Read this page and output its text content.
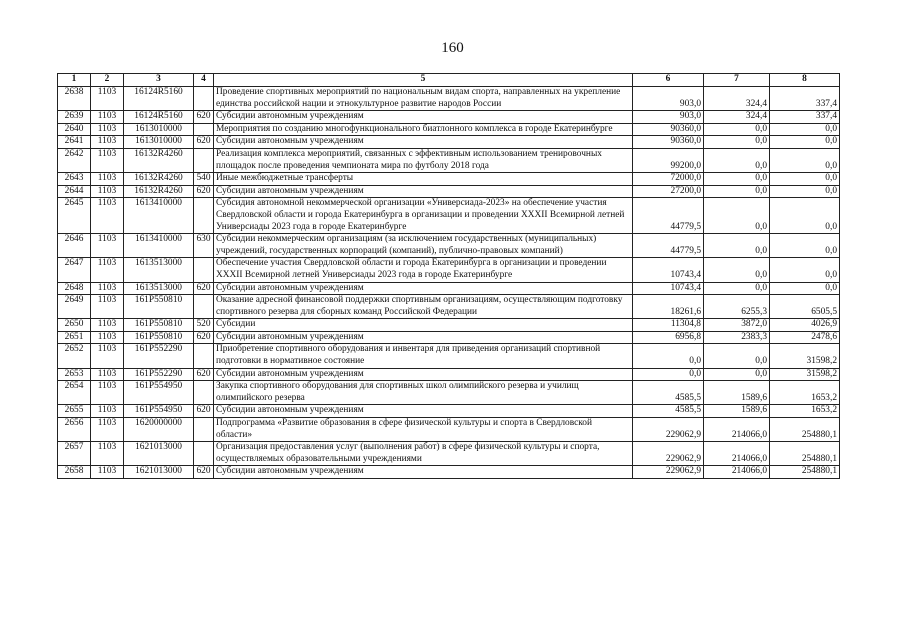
160
1	2	3	4	5	6	7	8
2638	1103	16124R5160		Проведение спортивных мероприятий по национальным видам спорта, направленных на укрепление единства российской нации и этнокультурное развитие народов России	903,0	324,4	337,4
2639	1103	16124R5160	620	Субсидии автономным учреждениям	903,0	324,4	337,4
2640	1103	1613010000		Мероприятия по созданию многофункционального биатлонного комплекса в городе Екатеринбурге	90360,0	0,0	0,0
2641	1103	1613010000	620	Субсидии автономным учреждениям	90360,0	0,0	0,0
2642	1103	16132R4260		Реализация комплекса мероприятий, связанных с эффективным использованием тренировочных площадок после проведения чемпионата мира по футболу 2018 года	99200,0	0,0	0,0
2643	1103	16132R4260	540	Иные межбюджетные трансферты	72000,0	0,0	0,0
2644	1103	16132R4260	620	Субсидии автономным учреждениям	27200,0	0,0	0,0
2645	1103	1613410000		Субсидия автономной некоммерческой организации «Универсиада-2023» на обеспечение участия Свердловской области и города Екатеринбурга в организации и проведении XXXII Всемирной летней Универсиады 2023 года в городе Екатеринбурге	44779,5	0,0	0,0
2646	1103	1613410000	630	Субсидии некоммерческим организациям (за исключением государственных (муниципальных) учреждений, государственных корпораций (компаний), публично-правовых компаний)	44779,5	0,0	0,0
2647	1103	1613513000		Обеспечение участия Свердловской области и города Екатеринбурга в организации и проведении XXXII Всемирной летней Универсиады 2023 года в городе Екатеринбурге	10743,4	0,0	0,0
2648	1103	1613513000	620	Субсидии автономным учреждениям	10743,4	0,0	0,0
2649	1103	161P550810		Оказание адресной финансовой поддержки спортивным организациям, осуществляющим подготовку спортивного резерва для сборных команд Российской Федерации	18261,6	6255,3	6505,5
2650	1103	161P550810	520	Субсидии	11304,8	3872,0	4026,9
2651	1103	161P550810	620	Субсидии автономным учреждениям	6956,8	2383,3	2478,6
2652	1103	161P552290		Приобретение спортивного оборудования и инвентаря для приведения организаций спортивной подготовки в нормативное состояние	0,0	0,0	31598,2
2653	1103	161P552290	620	Субсидии автономным учреждениям	0,0	0,0	31598,2
2654	1103	161P554950		Закупка спортивного оборудования для спортивных школ олимпийского резерва и училищ олимпийского резерва	4585,5	1589,6	1653,2
2655	1103	161P554950	620	Субсидии автономным учреждениям	4585,5	1589,6	1653,2
2656	1103	1620000000		Подпрограмма «Развитие образования в сфере физической культуры и спорта в Свердловской области»	229062,9	214066,0	254880,1
2657	1103	1621013000		Организация предоставления услуг (выполнения работ) в сфере физической культуры и спорта, осуществляемых образовательными учреждениями	229062,9	214066,0	254880,1
2658	1103	1621013000	620	Субсидии автономным учреждениям	229062,9	214066,0	254880,1
